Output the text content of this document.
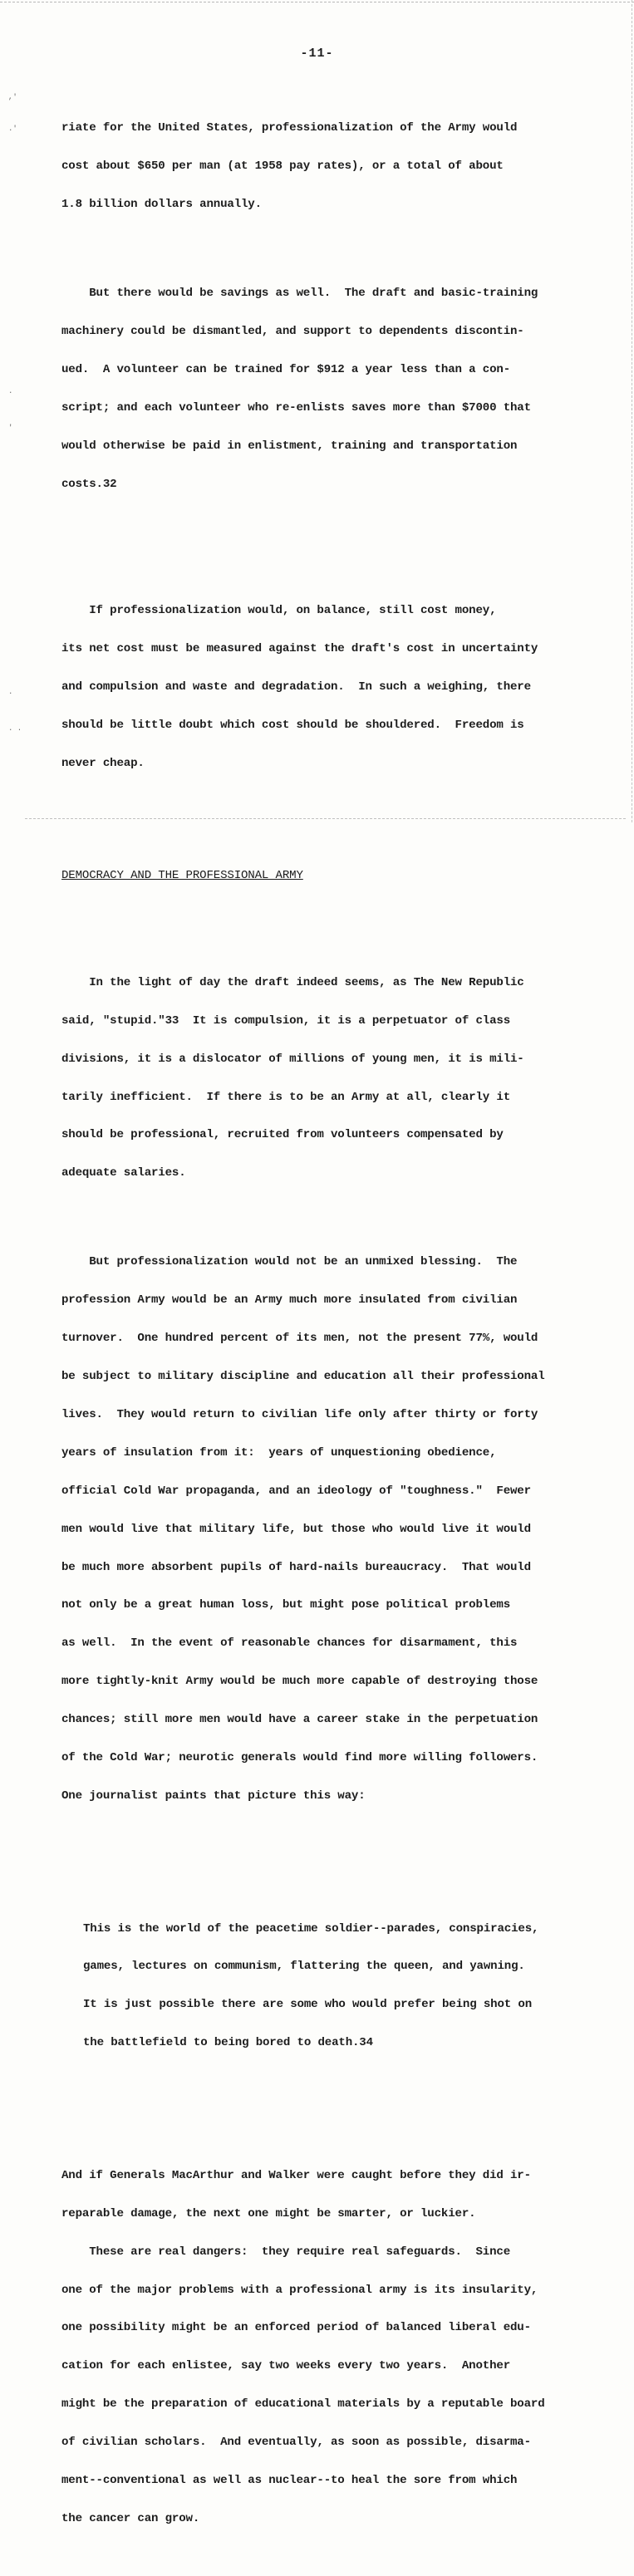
,'
.'
.
'
.
. .
-11-

riate for the United States, professionalization of the Army would

cost about $650 per man (at 1958 pay rates), or a total of about

1.8 billion dollars annually.

But there would be savings as well.  The draft and basic-training

machinery could be dismantled, and support to dependents discontin-

ued.  A volunteer can be trained for $912 a year less than a con-

script; and each volunteer who re-enlists saves more than $7000 that

would otherwise be paid in enlistment, training and transportation

costs.32

If professionalization would, on balance, still cost money,

its net cost must be measured against the draft's cost in uncertainty

and compulsion and waste and degradation.  In such a weighing, there

should be little doubt which cost should be shouldered.  Freedom is

never cheap.

DEMOCRACY AND THE PROFESSIONAL ARMY

In the light of day the draft indeed seems, as The New Republic

said, "stupid."33  It is compulsion, it is a perpetuator of class

divisions, it is a dislocator of millions of young men, it is mili-

tarily inefficient.  If there is to be an Army at all, clearly it

should be professional, recruited from volunteers compensated by

adequate salaries.

But professionalization would not be an unmixed blessing.  The

profession Army would be an Army much more insulated from civilian

turnover.  One hundred percent of its men, not the present 77%, would

be subject to military discipline and education all their professional

lives.  They would return to civilian life only after thirty or forty

years of insulation from it:  years of unquestioning obedience,

official Cold War propaganda, and an ideology of "toughness."  Fewer

men would live that military life, but those who would live it would

be much more absorbent pupils of hard-nails bureaucracy.  That would

not only be a great human loss, but might pose political problems

as well.  In the event of reasonable chances for disarmament, this

more tightly-knit Army would be much more capable of destroying those

chances; still more men would have a career stake in the perpetuation

of the Cold War; neurotic generals would find more willing followers.

One journalist paints that picture this way:

This is the world of the peacetime soldier--parades, conspiracies,

games, lectures on communism, flattering the queen, and yawning.

It is just possible there are some who would prefer being shot on

the battlefield to being bored to death.34

And if Generals MacArthur and Walker were caught before they did ir-

reparable damage, the next one might be smarter, or luckier.

These are real dangers:  they require real safeguards.  Since

one of the major problems with a professional army is its insularity,

one possibility might be an enforced period of balanced liberal edu-

cation for each enlistee, say two weeks every two years.  Another

might be the preparation of educational materials by a reputable board

of civilian scholars.  And eventually, as soon as possible, disarma-

ment--conventional as well as nuclear--to heal the sore from which

the cancer can grow.
